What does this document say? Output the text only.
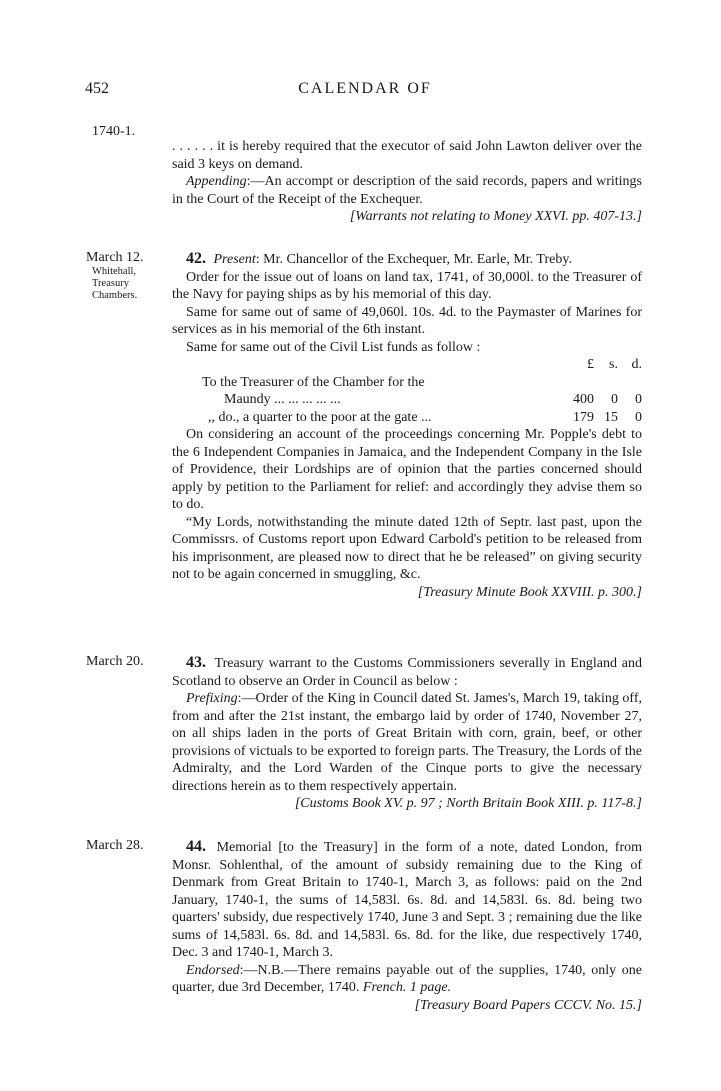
452	CALENDAR OF
1740-1.

. . . . . . it is hereby required that the executor of said John Lawton deliver over the said 3 keys on demand.

Appending:—An accompt or description of the said records, papers and writings in the Court of the Receipt of the Exchequer.

[Warrants not relating to Money XXVI. pp. 407-13.]
March 12.
Whitehall, Treasury Chambers.

42. Present: Mr. Chancellor of the Exchequer, Mr. Earle, Mr. Treby.

Order for the issue out of loans on land tax, 1741, of 30,000l. to the Treasurer of the Navy for paying ships as by his memorial of this day.

Same for same out of same of 49,060l. 10s. 4d. to the Paymaster of Marines for services as in his memorial of the 6th instant.

Same for same out of the Civil List funds as follow :

	£	s.	d.
To the Treasurer of the Chamber for the			
Maundy ... ... ... ... ...	400	0	0
,, do., a quarter to the poor at the gate ...	179	15	0

On considering an account of the proceedings concerning Mr. Popple's debt to the 6 Independent Companies in Jamaica, and the Independent Company in the Isle of Providence, their Lordships are of opinion that the parties concerned should apply by petition to the Parliament for relief: and accordingly they advise them so to do.

“My Lords, notwithstanding the minute dated 12th of Septr. last past, upon the Commissrs. of Customs report upon Edward Carbold's petition to be released from his imprisonment, are pleased now to direct that he be released” on giving security not to be again concerned in smuggling, &c.

[Treasury Minute Book XXVIII. p. 300.]
March 20.	43. Treasury warrant to the Customs Commissioners severally in England and Scotland to observe an Order in Council as below :

Prefixing:—Order of the King in Council dated St. James's, March 19, taking off, from and after the 21st instant, the embargo laid by order of 1740, November 27, on all ships laden in the ports of Great Britain with corn, grain, beef, or other provisions of victuals to be exported to foreign parts. The Treasury, the Lords of the Admiralty, and the Lord Warden of the Cinque ports to give the necessary directions herein as to them respectively appertain.

[Customs Book XV. p. 97 ; North Britain Book XIII. p. 117-8.]
March 28.	44. Memorial [to the Treasury] in the form of a note, dated London, from Monsr. Sohlenthal, of the amount of subsidy remaining due to the King of Denmark from Great Britain to 1740-1, March 3, as follows: paid on the 2nd January, 1740-1, the sums of 14,583l. 6s. 8d. and 14,583l. 6s. 8d. being two quarters' subsidy, due respectively 1740, June 3 and Sept. 3 ; remaining due the like sums of 14,583l. 6s. 8d. and 14,583l. 6s. 8d. for the like, due respectively 1740, Dec. 3 and 1740-1, March 3.

Endorsed:—N.B.—There remains payable out of the supplies, 1740, only one quarter, due 3rd December, 1740. French. 1 page.

[Treasury Board Papers CCCV. No. 15.]
